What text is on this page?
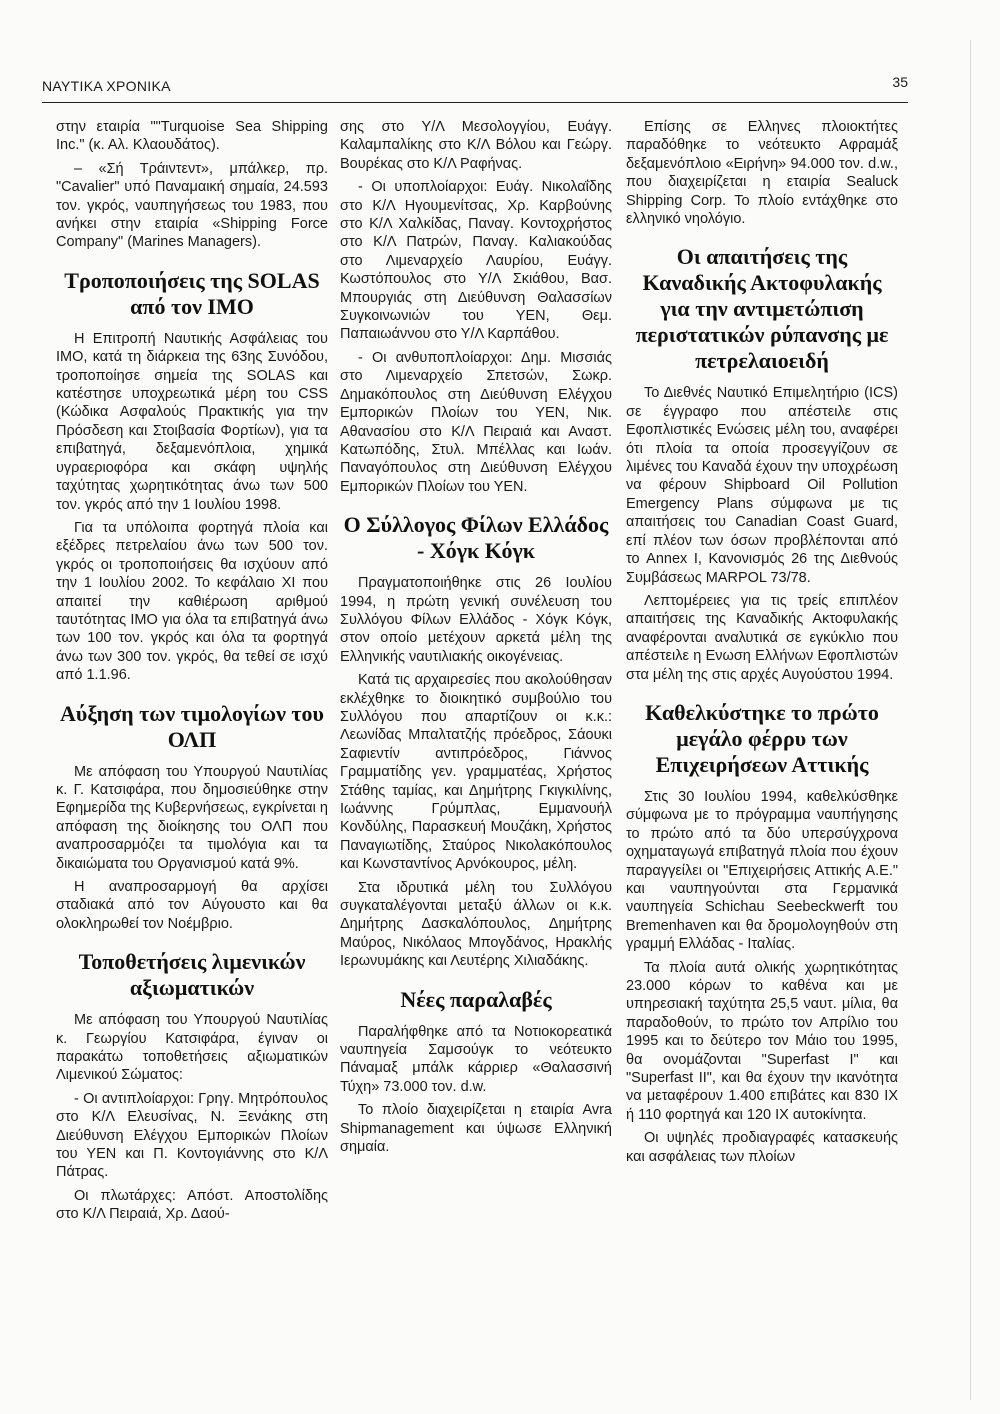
ΝΑΥΤΙΚΑ ΧΡΟΝΙΚΑ	35

στην εταιρία ""Turquoise Sea Shipping Inc." (κ. Αλ. Κλαουδάτος).

– «Σή Τράιντεντ», μπάλκερ, πρ. "Cavalier" υπό Παναμαική σημαία, 24.593 τον. γκρός, ναυπηγήσεως του 1983, που ανήκει στην εταιρία «Shipping Force Company" (Marines Managers).

Τροποποιήσεις της SOLAS από τον IMO

Η Επιτροπή Ναυτικής Ασφάλειας του ΙΜΟ, κατά τη διάρκεια της 63ης Συνόδου, τροποποίησε σημεία της SOLAS και κατέστησε υποχρεωτικά μέρη του CSS (Κώδικα Ασφαλούς Πρακτικής για την Πρόσδεση και Στοιβασία Φορτίων), για τα επιβατηγά, δεξαμενόπλοια, χημικά υγραεριοφόρα και σκάφη υψηλής ταχύτητας χωρητικότητας άνω των 500 τον. γκρός από την 1 Ιουλίου 1998.

Για τα υπόλοιπα φορτηγά πλοία και εξέδρες πετρελαίου άνω των 500 τον. γκρός οι τροποποιήσεις θα ισχύουν από την 1 Ιουλίου 2002. Το κεφάλαιο ΧΙ που απαιτεί την καθιέρωση αριθμού ταυτότητας ΙΜΟ για όλα τα επιβατηγά άνω των 100 τον. γκρός και όλα τα φορτηγά άνω των 300 τον. γκρός, θα τεθεί σε ισχύ από 1.1.96.

Αύξηση των τιμολογίων του ΟΛΠ

Με απόφαση του Υπουργού Ναυτιλίας κ. Γ. Κατσιφάρα, που δημοσιεύθηκε στην Εφημερίδα της Κυβερνήσεως, εγκρίνεται η απόφαση της διοίκησης του ΟΛΠ που αναπροσαρμόζει τα τιμολόγια και τα δικαιώματα του Οργανισμού κατά 9%.

Η αναπροσαρμογή θα αρχίσει σταδιακά από τον Αύγουστο και θα ολοκληρωθεί τον Νοέμβριο.

Τοποθετήσεις λιμενικών αξιωματικών

Με απόφαση του Υπουργού Ναυτιλίας κ. Γεωργίου Κατσιφάρα, έγιναν οι παρακάτω τοποθετήσεις αξιωματικών Λιμενικού Σώματος:

- Οι αντιπλοίαρχοι: Γρηγ. Μητρόπουλος στο Κ/Λ Ελευσίνας, Ν. Ξενάκης στη Διεύθυνση Ελέγχου Εμπορικών Πλοίων του ΥΕΝ και Π. Κοντογιάννης στο Κ/Λ Πάτρας.

Οι πλωτάρχες: Απόστ. Αποστολίδης στο Κ/Λ Πειραιά, Χρ. Δαού-

σης στο Υ/Λ Μεσολογγίου, Ευάγγ. Καλαμπαλίκης στο Κ/Λ Βόλου και Γεώργ. Βουρέκας στο Κ/Λ Ραφήνας.

- Οι υποπλοίαρχοι: Ευάγ. Νικολαΐδης στο Κ/Λ Ηγουμενίτσας, Χρ. Καρβούνης στο Κ/Λ Χαλκίδας, Παναγ. Κοντοχρήστος στο Κ/Λ Πατρών, Παναγ. Καλιακούδας στο Λιμεναρχείο Λαυρίου, Ευάγγ. Κωστόπουλος στο Υ/Λ Σκιάθου, Βασ. Μπουργιάς στη Διεύθυνση Θαλασσίων Συγκοινωνιών του ΥΕΝ, Θεμ. Παπαιωάννου στο Υ/Λ Καρπάθου.

- Οι ανθυποπλοίαρχοι: Δημ. Μισσιάς στο Λιμεναρχείο Σπετσών, Σωκρ. Δημακόπουλος στη Διεύθυνση Ελέγχου Εμπορικών Πλοίων του ΥΕΝ, Νικ. Αθανασίου στο Κ/Λ Πειραιά και Αναστ. Κατωπόδης, Στυλ. Μπέλλας και Ιωάν. Παναγόπουλος στη Διεύθυνση Ελέγχου Εμπορικών Πλοίων του ΥΕΝ.

Ο Σύλλογος Φίλων Ελλάδος - Χόγκ Κόγκ

Πραγματοποιήθηκε στις 26 Ιουλίου 1994, η πρώτη γενική συνέλευση του Συλλόγου Φίλων Ελλάδος - Χόγκ Κόγκ, στον οποίο μετέχουν αρκετά μέλη της Ελληνικής ναυτιλιακής οικογένειας.

Κατά τις αρχαιρεσίες που ακολούθησαν εκλέχθηκε το διοικητικό συμβούλιο του Συλλόγου που απαρτίζουν οι κ.κ.: Λεωνίδας Μπαλτατζής πρόεδρος, Σάουκι Σαφιεντίν αντιπρόεδρος, Γιάννος Γραμματίδης γεν. γραμματέας, Χρήστος Στάθης ταμίας, και Δημήτρης Γκιγκιλίνης, Ιωάννης Γρύμπλας, Εμμανουήλ Κονδύλης, Παρασκευή Μουζάκη, Χρήστος Παναγιωτίδης, Σταύρος Νικολακόπουλος και Κωνσταντίνος Αρνόκουρος, μέλη.

Στα ιδρυτικά μέλη του Συλλόγου συγκαταλέγονται μεταξύ άλλων οι κ.κ. Δημήτρης Δασκαλόπουλος, Δημήτρης Μαύρος, Νικόλαος Μπογδάνος, Ηρακλής Ιερωνυμάκης και Λευτέρης Χιλιαδάκης.

Νέες παραλαβές

Παραλήφθηκε από τα Νοτιοκορεατικά ναυπηγεία Σαμσούγκ το νεότευκτο Πάναμαξ μπάλκ κάρριερ «Θαλασσινή Τύχη» 73.000 τον. d.w.

Το πλοίο διαχειρίζεται η εταιρία Avra Shipmanagement και ύψωσε Ελληνική σημαία.

Επίσης σε Ελληνες πλοιοκτήτες παραδόθηκε το νεότευκτο Αφραμάξ δεξαμενόπλοιο «Ειρήνη» 94.000 τον. d.w., που διαχειρίζεται η εταιρία Sealuck Shipping Corp. Το πλοίο εντάχθηκε στο ελληνικό νηολόγιο.

Οι απαιτήσεις της Καναδικής Ακτοφυλακής για την αντιμετώπιση περιστατικών ρύπανσης με πετρελαιοειδή

Το Διεθνές Ναυτικό Επιμελητήριο (ICS) σε έγγραφο που απέστειλε στις Εφοπλιστικές Ενώσεις μέλη του, αναφέρει ότι πλοία τα οποία προσεγγίζουν σε λιμένες του Καναδά έχουν την υποχρέωση να φέρουν Shipboard Oil Pollution Emergency Plans σύμφωνα με τις απαιτήσεις του Canadian Coast Guard, επί πλέον των όσων προβλέπονται από το Annex I, Κανονισμός 26 της Διεθνούς Συμβάσεως MARPOL 73/78.

Λεπτομέρειες για τις τρείς επιπλέον απαιτήσεις της Καναδικής Ακτοφυλακής αναφέρονται αναλυτικά σε εγκύκλιο που απέστειλε η Ενωση Ελλήνων Εφοπλιστών στα μέλη της στις αρχές Αυγούστου 1994.

Καθελκύστηκε το πρώτο μεγάλο φέρρυ των Επιχειρήσεων Αττικής

Στις 30 Ιουλίου 1994, καθελκύσθηκε σύμφωνα με το πρόγραμμα ναυπήγησης το πρώτο από τα δύο υπερσύγχρονα οχηματαγωγά επιβατηγά πλοία που έχουν παραγγείλει οι "Επιχειρήσεις Αττικής Α.Ε." και ναυπηγούνται στα Γερμανικά ναυπηγεία Schichau Seebeckwerft του Bremenhaven και θα δρομολογηθούν στη γραμμή Ελλάδας - Ιταλίας.

Τα πλοία αυτά ολικής χωρητικότητας 23.000 κόρων το καθένα και με υπηρεσιακή ταχύτητα 25,5 ναυτ. μίλια, θα παραδοθούν, το πρώτο τον Απρίλιο του 1995 και το δεύτερο τον Μάιο του 1995, θα ονομάζονται "Superfast I" και "Superfast II", και θα έχουν την ικανότητα να μεταφέρουν 1.400 επιβάτες και 830 ΙΧ ή 110 φορτηγά και 120 ΙΧ αυτοκίνητα.

Οι υψηλές προδιαγραφές κατασκευής και ασφάλειας των πλοίων
